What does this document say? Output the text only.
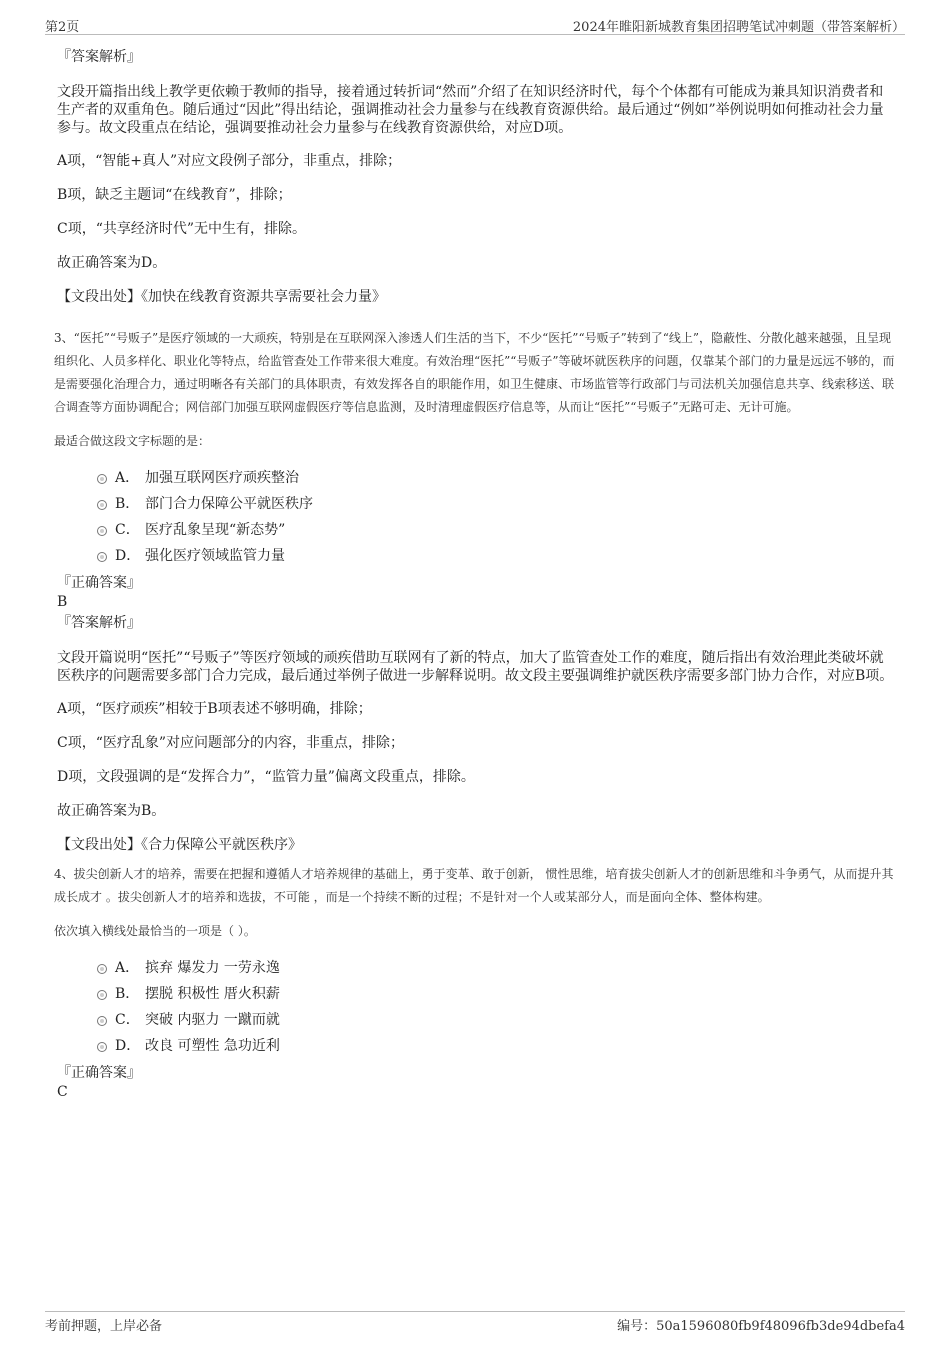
第2页	2024年睢阳新城教育集团招聘笔试冲刺题（带答案解析）
『答案解析』

文段开篇指出线上教学更依赖于教师的指导，接着通过转折词“然而”介绍了在知识经济时代，每个个体都有可能成为兼具知识消费者和生产者的双重角色。随后通过“因此”得出结论，强调推动社会力量参与在线教育资源供给。最后通过“例如”举例说明如何推动社会力量参与。故文段重点在结论，强调要推动社会力量参与在线教育资源供给，对应D项。

A项，“智能+真人”对应文段例子部分，非重点，排除；

B项，缺乏主题词“在线教育”，排除；

C项，“共享经济时代”无中生有，排除。

故正确答案为D。

【文段出处】《加快在线教育资源共享需要社会力量》

3、“医托”“号贩子”是医疗领域的一大顽疾，特别是在互联网深入渗透人们生活的当下，不少“医托”“号贩子”转到了“线上”，隐蔽性、分散化越来越强，且呈现组织化、人员多样化、职业化等特点，给监管查处工作带来很大难度。有效治理“医托”“号贩子”等破坏就医秩序的问题，仅靠某个部门的力量是远远不够的，而是需要强化治理合力，通过明晰各有关部门的具体职责，有效发挥各自的职能作用，如卫生健康、市场监管等行政部门与司法机关加强信息共享、线索移送、联合调查等方面协调配合；网信部门加强互联网虚假医疗等信息监测，及时清理虚假医疗信息等，从而让“医托”“号贩子”无路可走、无计可施。

最适合做这段文字标题的是：

A． 加强互联网医疗顽疾整治
B． 部门合力保障公平就医秩序
C． 医疗乱象呈现“新态势”
D． 强化医疗领域监管力量
『正确答案』

B

『答案解析』

文段开篇说明“医托”“号贩子”等医疗领域的顽疾借助互联网有了新的特点，加大了监管查处工作的难度，随后指出有效治理此类破坏就医秩序的问题需要多部门合力完成，最后通过举例子做进一步解释说明。故文段主要强调维护就医秩序需要多部门协力合作，对应B项。

A项，“医疗顽疾”相较于B项表述不够明确，排除；

C项，“医疗乱象”对应问题部分的内容，非重点，排除；

D项，文段强调的是“发挥合力”，“监管力量”偏离文段重点，排除。

故正确答案为B。

【文段出处】《合力保障公平就医秩序》

4、拔尖创新人才的培养，需要在把握和遵循人才培养规律的基础上，勇于变革、敢于创新， 惯性思维，培育拔尖创新人才的创新思维和斗争勇气，从而提升其成长成才 。拔尖创新人才的培养和选拔，不可能 ，而是一个持续不断的过程；不是针对一个人或某部分人，而是面向全体、整体构建。

依次填入横线处最恰当的一项是（ ）。

A． 摈弃 爆发力 一劳永逸
B． 摆脱 积极性 厝火积薪
C． 突破 内驱力 一蹴而就
D． 改良 可塑性 急功近利
『正确答案』

C

考前押题，上岸必备	编号：50a1596080fb9f48096fb3de94dbefa4
